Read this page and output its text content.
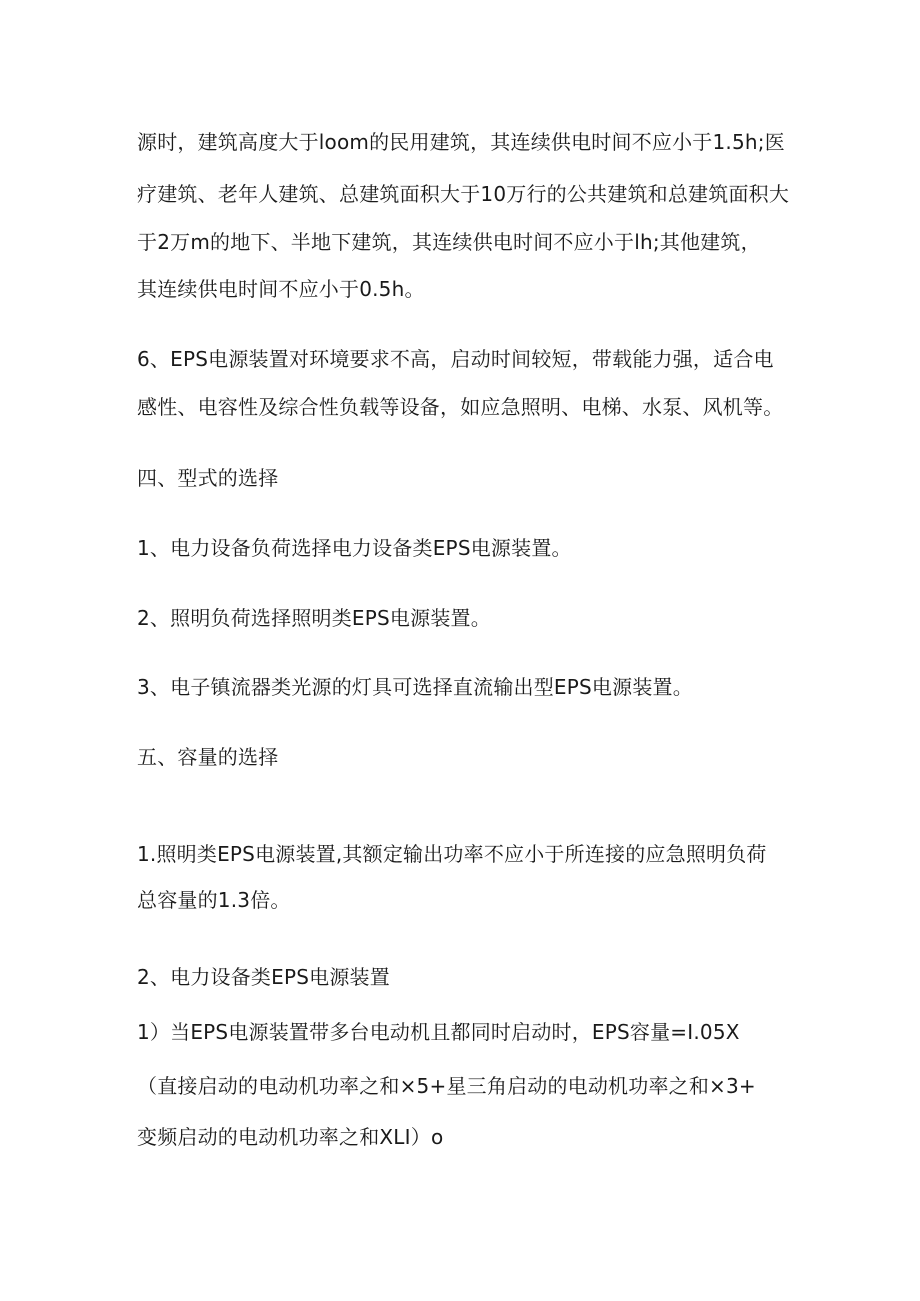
源时，建筑高度大于loom的民用建筑，其连续供电时间不应小于1.5h;医
疗建筑、老年人建筑、总建筑面积大于10万行的公共建筑和总建筑面积大
于2万m的地下、半地下建筑，其连续供电时间不应小于lh;其他建筑，
其连续供电时间不应小于0.5h。
6、EPS电源装置对环境要求不高，启动时间较短，带载能力强，适合电
感性、电容性及综合性负载等设备，如应急照明、电梯、水泵、风机等。
四、型式的选择
1、电力设备负荷选择电力设备类EPS电源装置。
2、照明负荷选择照明类EPS电源装置。
3、电子镇流器类光源的灯具可选择直流输出型EPS电源装置。
五、容量的选择
1.照明类EPS电源装置,其额定输出功率不应小于所连接的应急照明负荷
总容量的1.3倍。
2、电力设备类EPS电源装置
1）当EPS电源装置带多台电动机且都同时启动时，EPS容量=I.05X
（直接启动的电动机功率之和×5+星三角启动的电动机功率之和×3+
变频启动的电动机功率之和XLI）o
